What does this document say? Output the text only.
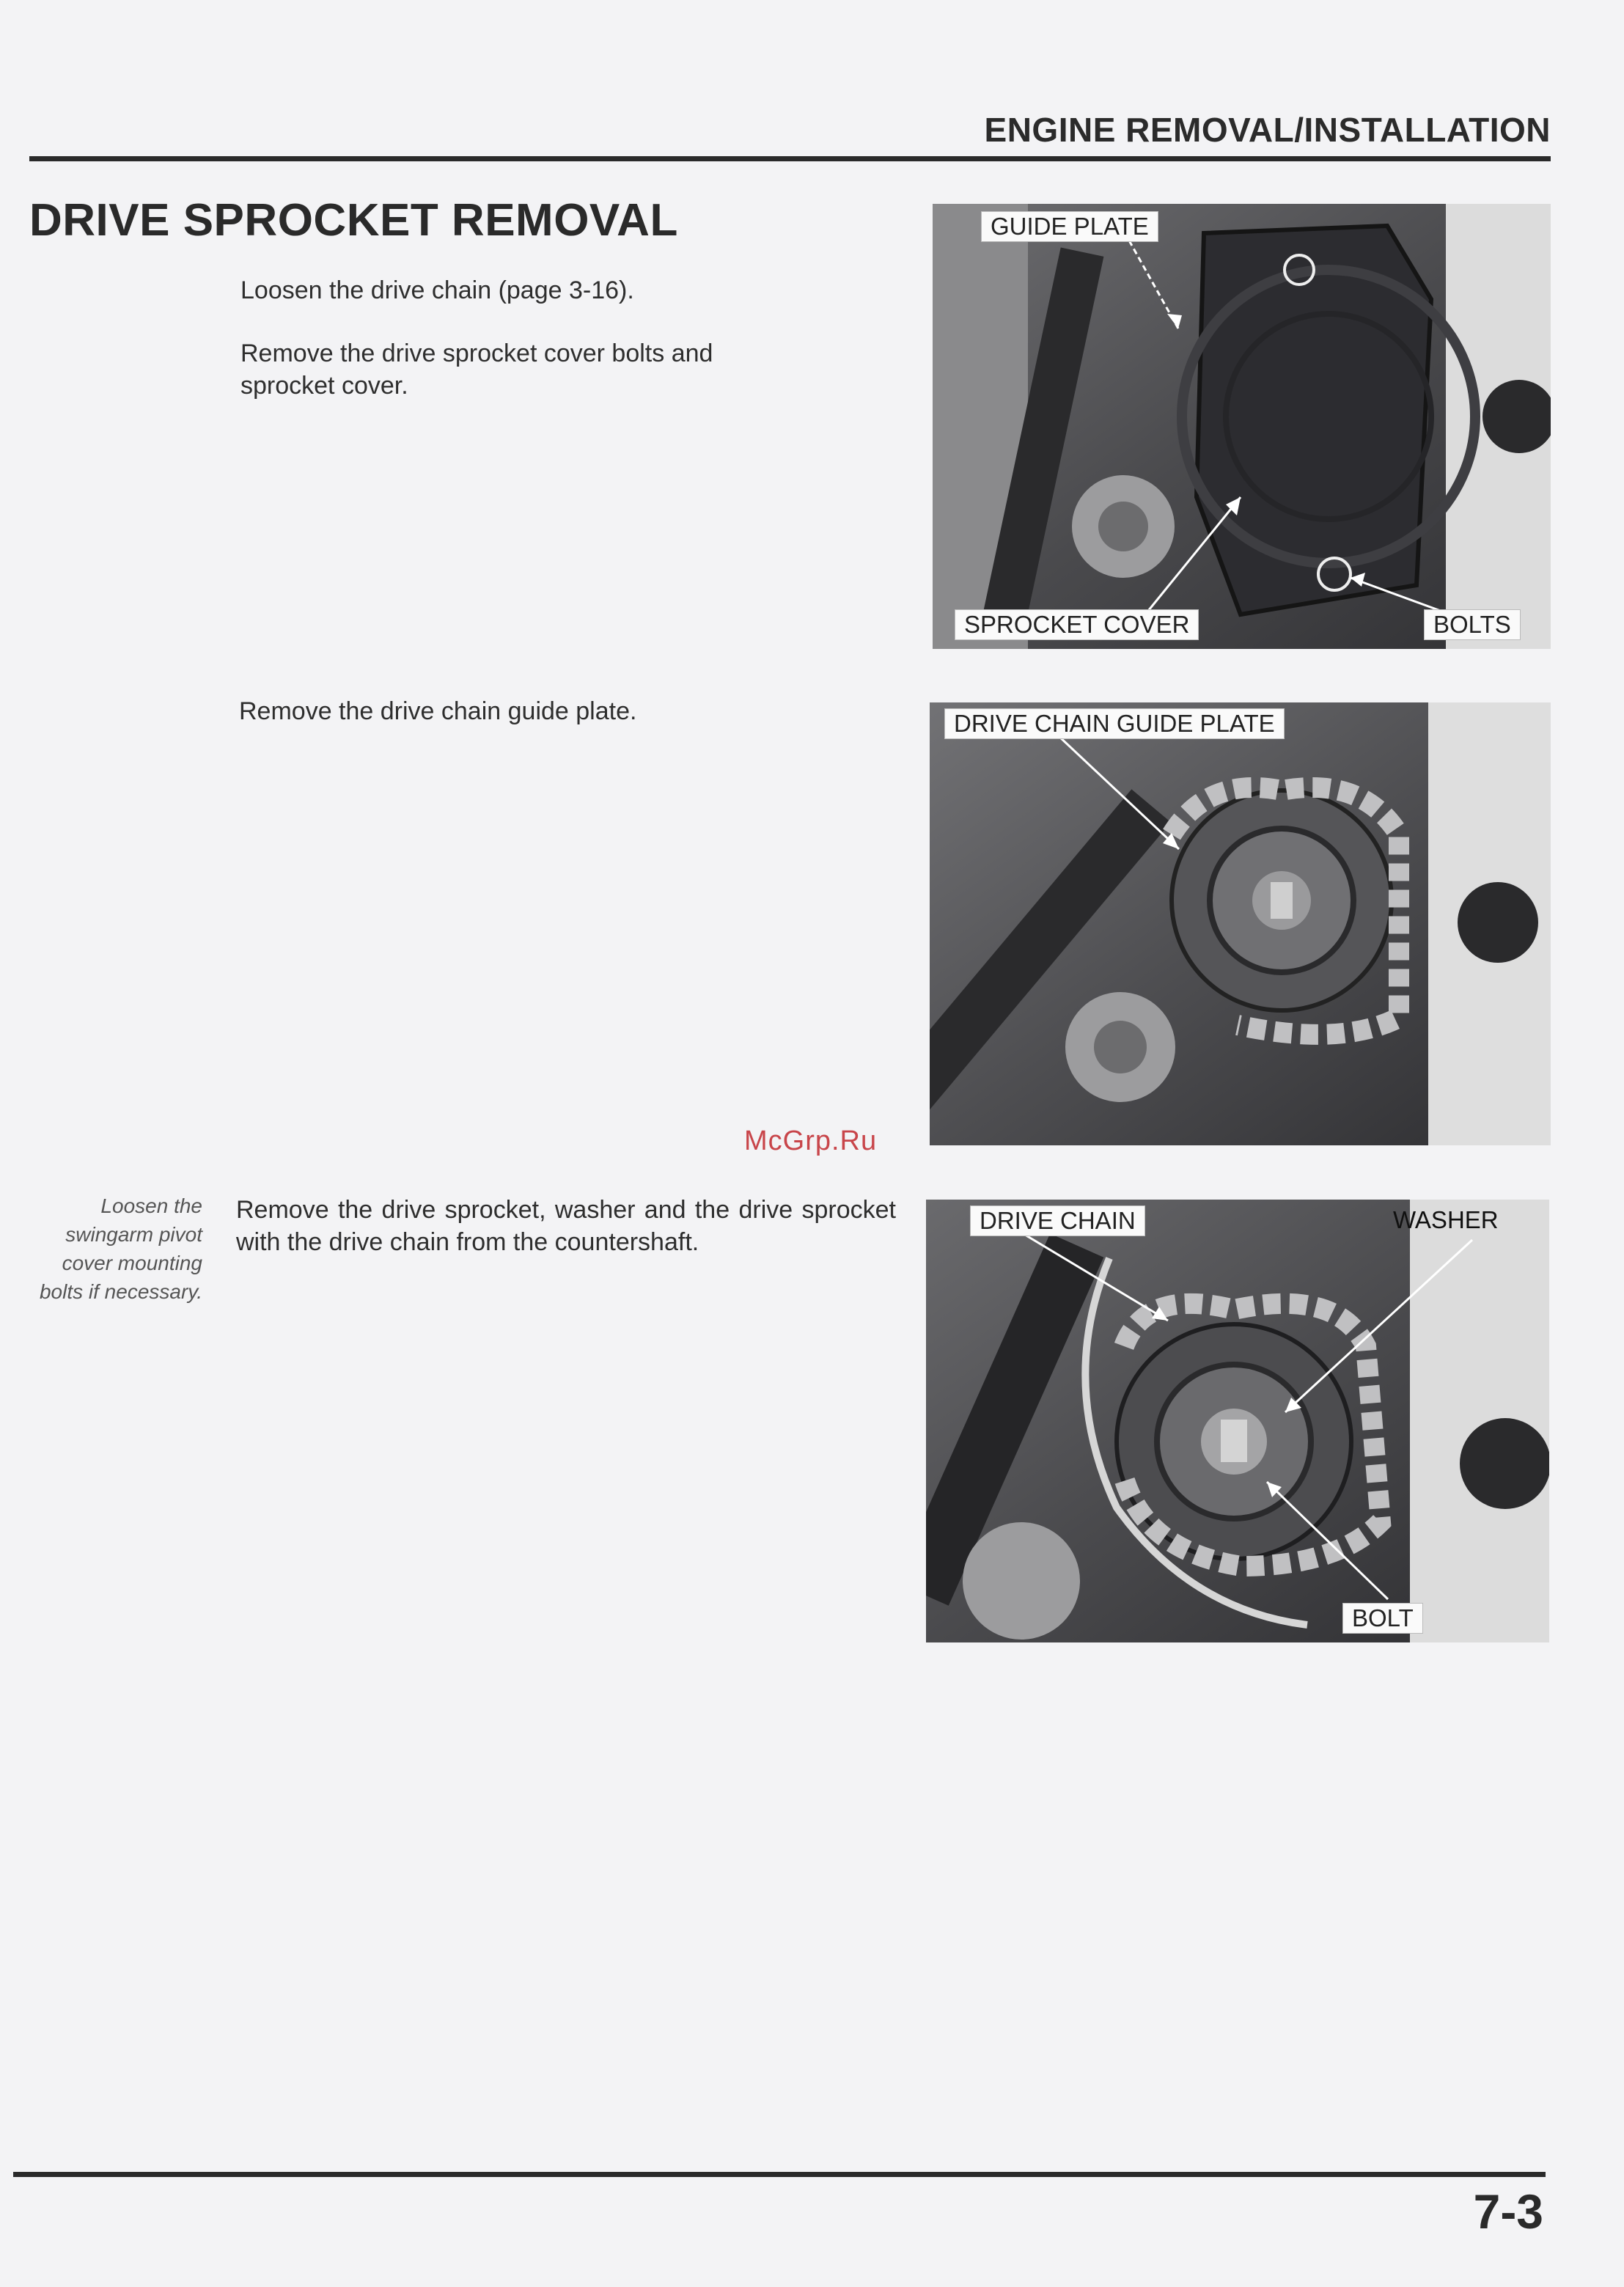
ENGINE REMOVAL/INSTALLATION
DRIVE SPROCKET REMOVAL
Loosen the drive chain (page 3-16).
Remove the drive sprocket cover bolts and sprocket cover.
Remove the drive chain guide plate.
Remove the drive sprocket, washer and the drive sprocket with the drive chain from the countershaft.
Loosen the swingarm pivot cover mounting bolts if necessary.
McGrp.Ru
GUIDE PLATE
SPROCKET COVER	BOLTS
DRIVE CHAIN GUIDE PLATE
DRIVE CHAIN	WASHER
BOLT
7-3
